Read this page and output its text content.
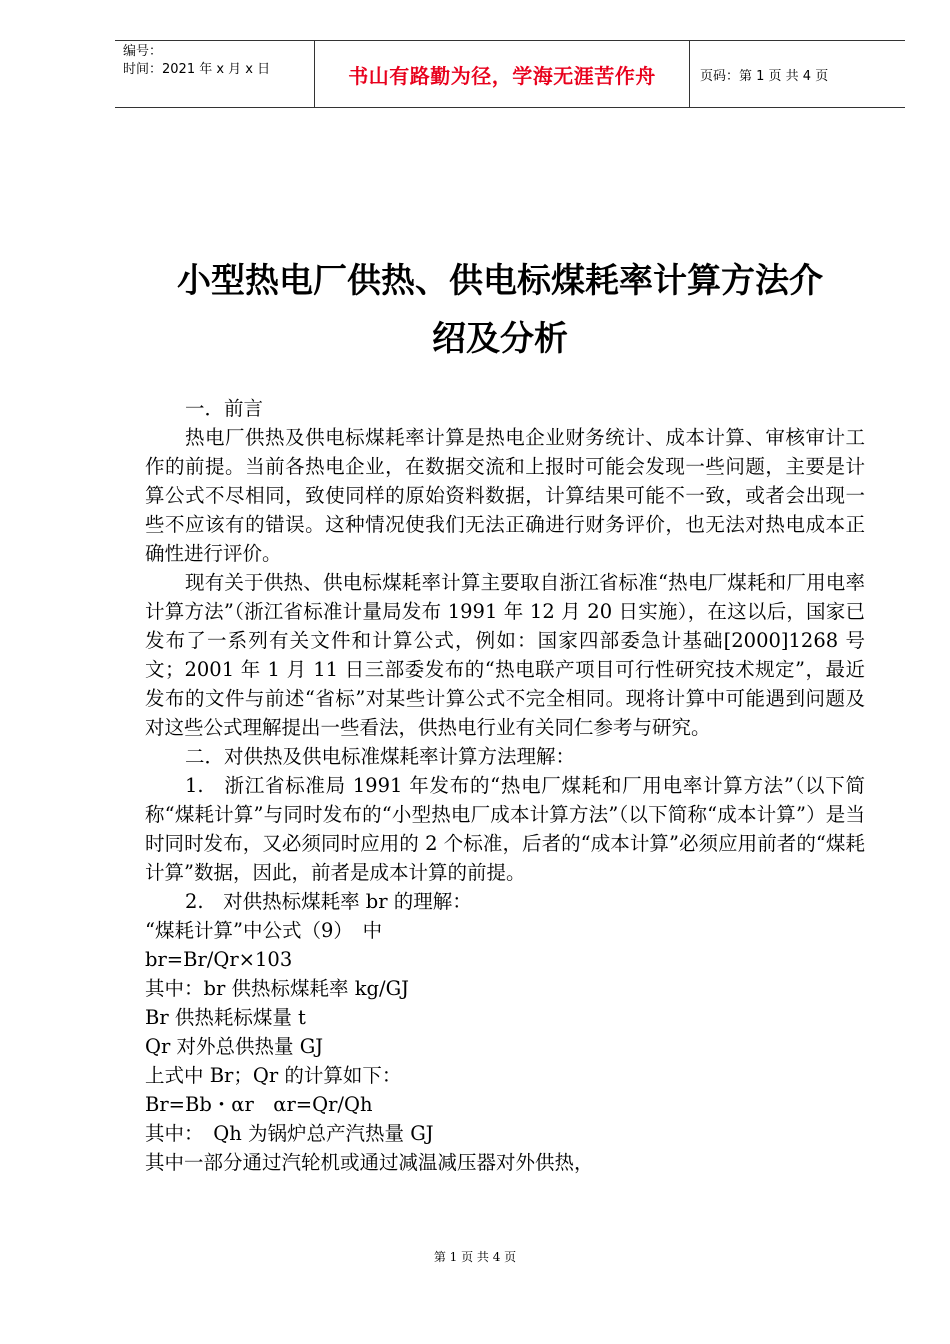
编号：
时间：2021 年 x 月 x 日	书山有路勤为径，学海无涯苦作舟	页码：第 1 页 共 4 页
小型热电厂供热、供电标煤耗率计算方法介
绍及分析

一．前言

热电厂供热及供电标煤耗率计算是热电企业财务统计、成本计算、审核审计工作的前提。当前各热电企业，在数据交流和上报时可能会发现一些问题，主要是计算公式不尽相同，致使同样的原始资料数据，计算结果可能不一致，或者会出现一些不应该有的错误。这种情况使我们无法正确进行财务评价，也无法对热电成本正确性进行评价。

现有关于供热、供电标煤耗率计算主要取自浙江省标准“热电厂煤耗和厂用电率计算方法”（浙江省标准计量局发布 1991 年 12 月 20 日实施），在这以后，国家已发布了一系列有关文件和计算公式，例如：国家四部委急计基础[2000]1268 号文；2001 年 1 月 11 日三部委发布的“热电联产项目可行性研究技术规定”，最近发布的文件与前述“省标”对某些计算公式不完全相同。现将计算中可能遇到问题及对这些公式理解提出一些看法，供热电行业有关同仁参考与研究。

二．对供热及供电标准煤耗率计算方法理解：

1.　浙江省标准局 1991 年发布的“热电厂煤耗和厂用电率计算方法”（以下简称“煤耗计算”与同时发布的“小型热电厂成本计算方法”（以下简称“成本计算”）是当时同时发布，又必须同时应用的 2 个标准，后者的“成本计算”必须应用前者的“煤耗计算”数据，因此，前者是成本计算的前提。

2.　对供热标煤耗率 br 的理解：

“煤耗计算”中公式（9）　中

br=Br/Qr×103

其中：br 供热标煤耗率 kg/GJ

Br 供热耗标煤量 t

Qr 对外总供热量 GJ

上式中 Br；Qr 的计算如下：

Br=Bb・αr　αr=Qr/Qh

其中：　Qh 为锅炉总产汽热量 GJ

其中一部分通过汽轮机或通过减温减压器对外供热，

第 1 页 共 4 页
